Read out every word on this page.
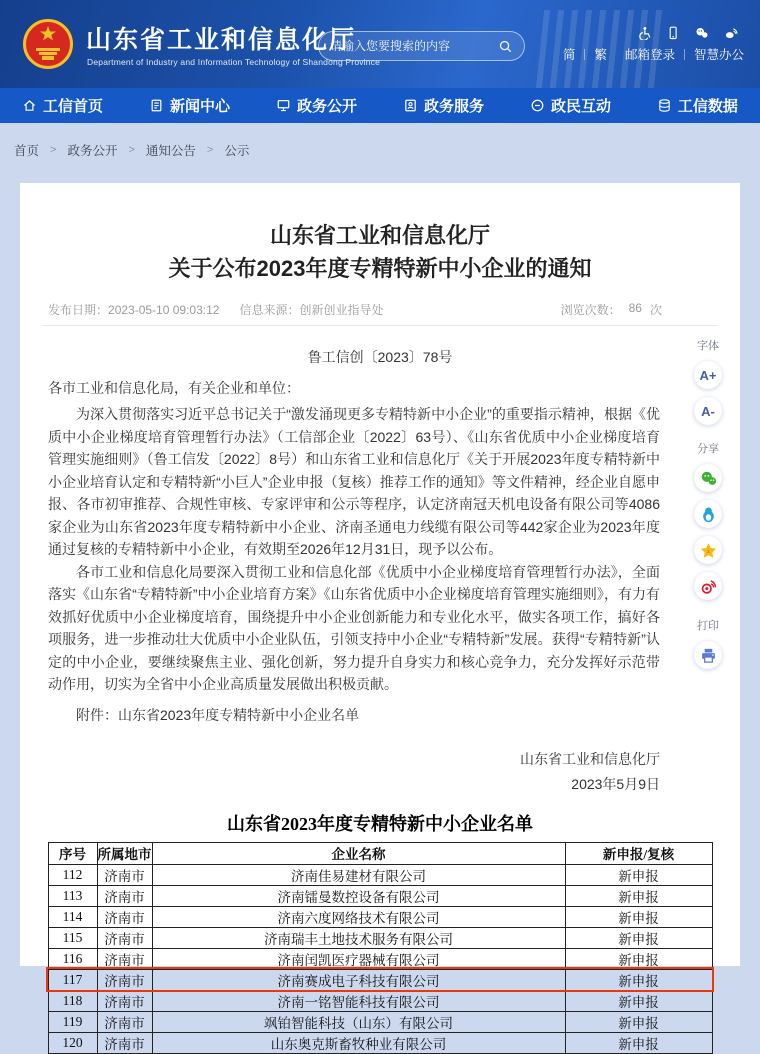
山东省工业和信息化厅
Department of Industry and Information Technology of Shandong Province
请输入您要搜索的内容	简 繁 邮箱登录 智慧办公
工信首页	新闻中心	政务公开	政务服务	政民互动	工信数据
首页 > 政务公开 > 通知公告 > 公示
山东省工业和信息化厅
关于公布2023年度专精特新中小企业的通知
发布日期：2023-05-10 09:03:12 信息来源：创新创业指导处	浏览次数： 86 次
鲁工信创〔2023〕78号
各市工业和信息化局，有关企业和单位：

为深入贯彻落实习近平总书记关于“激发涌现更多专精特新中小企业”的重要指示精神，根据《优质中小企业梯度培育管理暂行办法》（工信部企业〔2022〕63号）、《山东省优质中小企业梯度培育管理实施细则》（鲁工信发〔2022〕8号）和山东省工业和信息化厅《关于开展2023年度专精特新中小企业培育认定和专精特新“小巨人”企业申报（复核）推荐工作的通知》等文件精神，经企业自愿申报、各市初审推荐、合规性审核、专家评审和公示等程序，认定济南冠天机电设备有限公司等4086家企业为山东省2023年度专精特新中小企业、济南圣通电力线缆有限公司等442家企业为2023年度通过复核的专精特新中小企业，有效期至2026年12月31日，现予以公布。

各市工业和信息化局要深入贯彻工业和信息化部《优质中小企业梯度培育管理暂行办法》，全面落实《山东省“专精特新”中小企业培育方案》《山东省优质中小企业梯度培育管理实施细则》，有力有效抓好优质中小企业梯度培育，围绕提升中小企业创新能力和专业化水平，做实各项工作，搞好各项服务，进一步推动壮大优质中小企业队伍，引领支持中小企业“专精特新”发展。获得“专精特新”认定的中小企业，要继续聚焦主业、强化创新，努力提升自身实力和核心竞争力，充分发挥好示范带动作用，切实为全省中小企业高质量发展做出积极贡献。

附件：山东省2023年度专精特新中小企业名单
山东省工业和信息化厅
2023年5月9日
山东省2023年度专精特新中小企业名单
序号	所属地市	企业名称	新申报/复核
112	济南市	济南佳易建材有限公司	新申报
113	济南市	济南镭曼数控设备有限公司	新申报
114	济南市	济南六度网络技术有限公司	新申报
115	济南市	济南瑞丰土地技术服务有限公司	新申报
116	济南市	济南闰凯医疗器械有限公司	新申报
117	济南市	济南赛成电子科技有限公司	新申报
118	济南市	济南一铭智能科技有限公司	新申报
119	济南市	飒铂智能科技（山东）有限公司	新申报
120	济南市	山东奥克斯畜牧种业有限公司	新申报
字体
A+
A-
分享
z
打印
